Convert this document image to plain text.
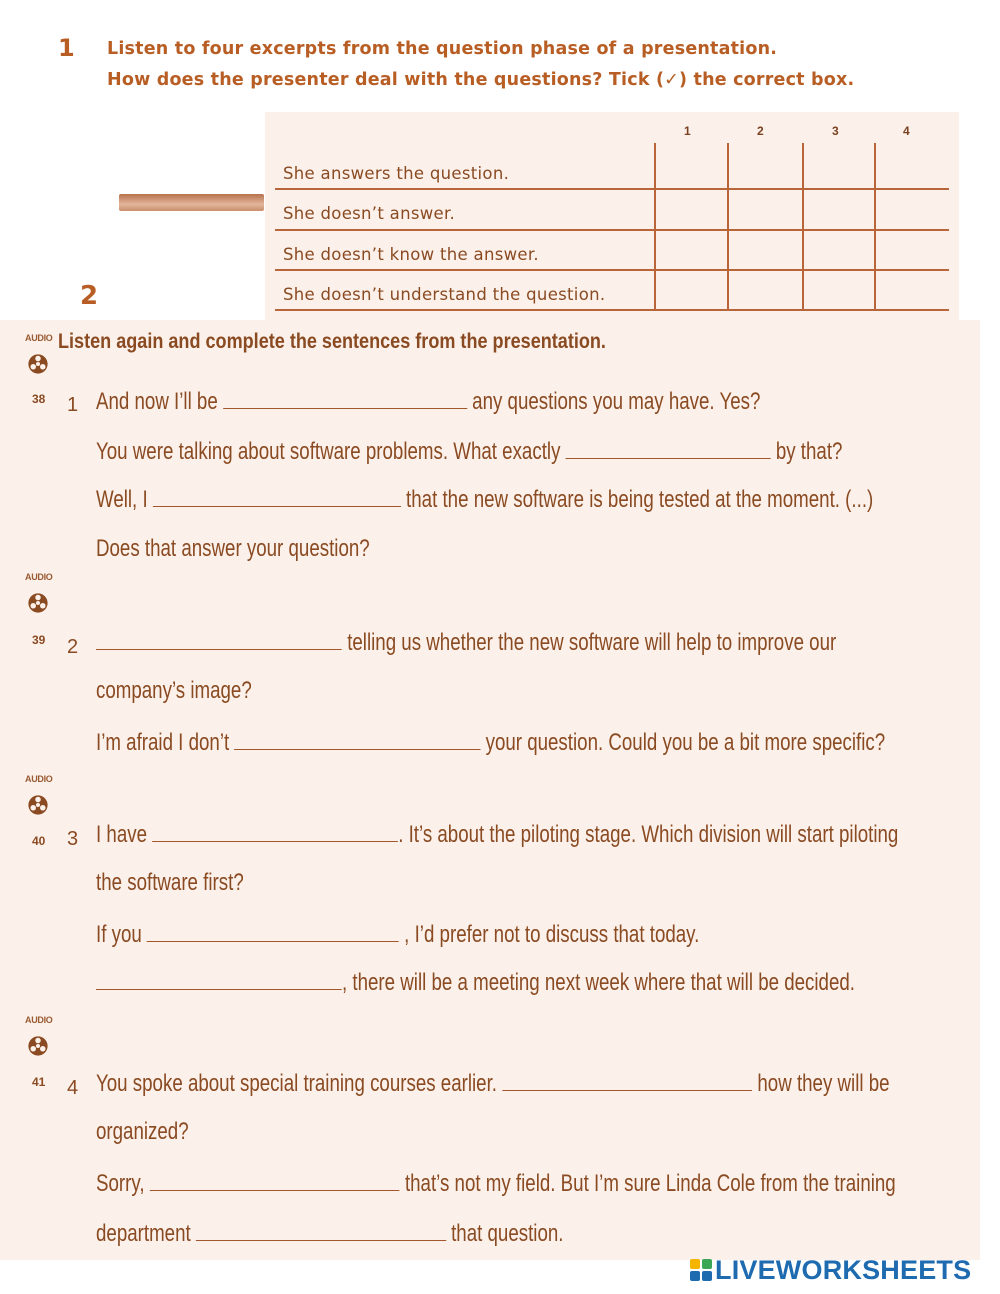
1 Listen to four excerpts from the question phase of a presentation.
How does the presenter deal with the questions? Tick (✓) the correct box.
1	2	3	4
She answers the question.
She doesn’t answer.
She doesn’t know the answer.
She doesn’t understand the question.
2
Listen again and complete the sentences from the presentation.
AUDIO
38
AUDIO
39
AUDIO
40
AUDIO
41
1 And now I’ll be	any questions you may have. Yes?
You were talking about software problems. What exactly	by that?
Well, I	that the new software is being tested at the moment. (...)
Does that answer your question?
2	telling us whether the new software will help to improve our
company’s image?
I’m afraid I don’t	your question. Could you be a bit more specific?
3 I have	. It’s about the piloting stage. Which division will start piloting
the software first?
If you	, I’d prefer not to discuss that today.
, there will be a meeting next week where that will be decided.
4 You spoke about special training courses earlier.	how they will be
organized?
Sorry,	that’s not my field. But I’m sure Linda Cole from the training
department	that question.
LIVEWORKSHEETS
